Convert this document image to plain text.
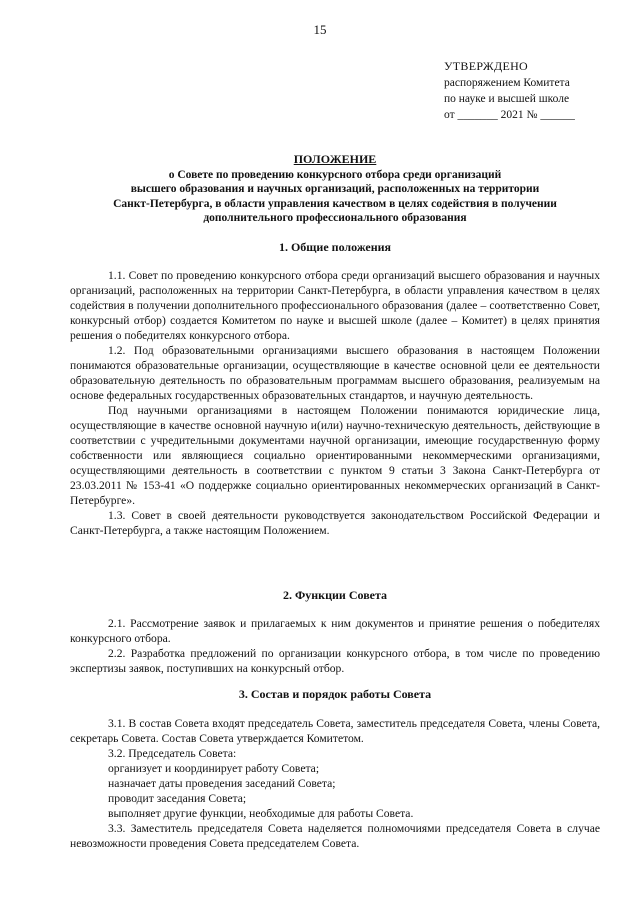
15
УТВЕРЖДЕНО
распоряжением Комитета
по науке и высшей школе
от _______ 2021 № ______
ПОЛОЖЕНИЕ
о Совете по проведению конкурсного отбора среди организаций
высшего образования и научных организаций, расположенных на территории
Санкт-Петербурга, в области управления качеством в целях содействия в получении
дополнительного профессионального образования
1. Общие положения

1.1. Совет по проведению конкурсного отбора среди организаций высшего образования и научных организаций, расположенных на территории Санкт-Петербурга, в области управления качеством в целях содействия в получении дополнительного профессионального образования (далее – соответственно Совет, конкурсный отбор) создается Комитетом по науке и высшей школе (далее – Комитет) в целях принятия решения о победителях конкурсного отбора.

1.2. Под образовательными организациями высшего образования в настоящем Положении понимаются образовательные организации, осуществляющие в качестве основной цели ее деятельности образовательную деятельность по образовательным программам высшего образования, реализуемым на основе федеральных государственных образовательных стандартов, и научную деятельность.

Под научными организациями в настоящем Положении понимаются юридические лица, осуществляющие в качестве основной научную и(или) научно-техническую деятельность, действующие в соответствии с учредительными документами научной организации, имеющие государственную форму собственности или являющиеся социально ориентированными некоммерческими организациями, осуществляющими деятельность в соответствии с пунктом 9 статьи 3 Закона Санкт-Петербурга от 23.03.2011 № 153-41 «О поддержке социально ориентированных некоммерческих организаций в Санкт-Петербурге».

1.3. Совет в своей деятельности руководствуется законодательством Российской Федерации и Санкт-Петербурга, а также настоящим Положением.

2. Функции Совета

2.1. Рассмотрение заявок и прилагаемых к ним документов и принятие решения о победителях конкурсного отбора.

2.2. Разработка предложений по организации конкурсного отбора, в том числе по проведению экспертизы заявок, поступивших на конкурсный отбор.

3. Состав и порядок работы Совета

3.1. В состав Совета входят председатель Совета, заместитель председателя Совета, члены Совета, секретарь Совета. Состав Совета утверждается Комитетом.

3.2. Председатель Совета:

организует и координирует работу Совета;

назначает даты проведения заседаний Совета;

проводит заседания Совета;

выполняет другие функции, необходимые для работы Совета.

3.3. Заместитель председателя Совета наделяется полномочиями председателя Совета в случае невозможности проведения Совета председателем Совета.
